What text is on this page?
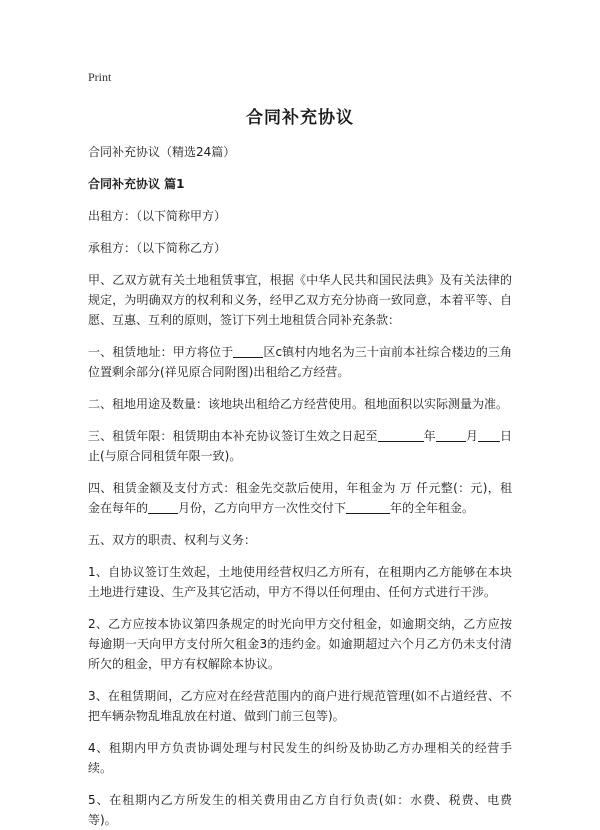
Print
合同补充协议

合同补充协议（精选24篇）

合同补充协议 篇1

出租方：（以下简称甲方）

承租方：（以下简称乙方）

甲、乙双方就有关土地租赁事宜，根据《中华人民共和国民法典》及有关法律的规定，为明确双方的权利和义务，经甲乙双方充分协商一致同意，本着平等、自愿、互惠、互利的原则，签订下列土地租赁合同补充条款：

一、租赁地址：甲方将位于	区c镇村内地名为三十亩前本社综合楼边的三角位置剩余部分(祥见原合同附图)出租给乙方经营。

二、租地用途及数量：该地块出租给乙方经营使用。租地面积以实际测量为准。

三、租赁年限：租赁期由本补充协议签订生效之日起至	年	月 日止(与原合同租赁年限一致)。

四、租赁金额及支付方式：租金先交款后使用，年租金为 万 仟元整(：元)，租金在每年的	月份，乙方向甲方一次性交付下	年的全年租金。

五、双方的职责、权利与义务：

1、自协议签订生效起，土地使用经营权归乙方所有，在租期内乙方能够在本块土地进行建设、生产及其它活动，甲方不得以任何理由、任何方式进行干涉。

2、乙方应按本协议第四条规定的时光向甲方交付租金，如逾期交纳，乙方应按每逾期一天向甲方支付所欠租金3的违约金。如逾期超过六个月乙方仍未支付清所欠的租金，甲方有权解除本协议。

3、在租赁期间，乙方应对在经营范围内的商户进行规范管理(如不占道经营、不把车辆杂物乱堆乱放在村道、做到门前三包等)。

4、租期内甲方负责协调处理与村民发生的纠纷及协助乙方办理相关的经营手续。

5、在租期内乙方所发生的相关费用由乙方自行负责(如：水费、税费、电费等)。
